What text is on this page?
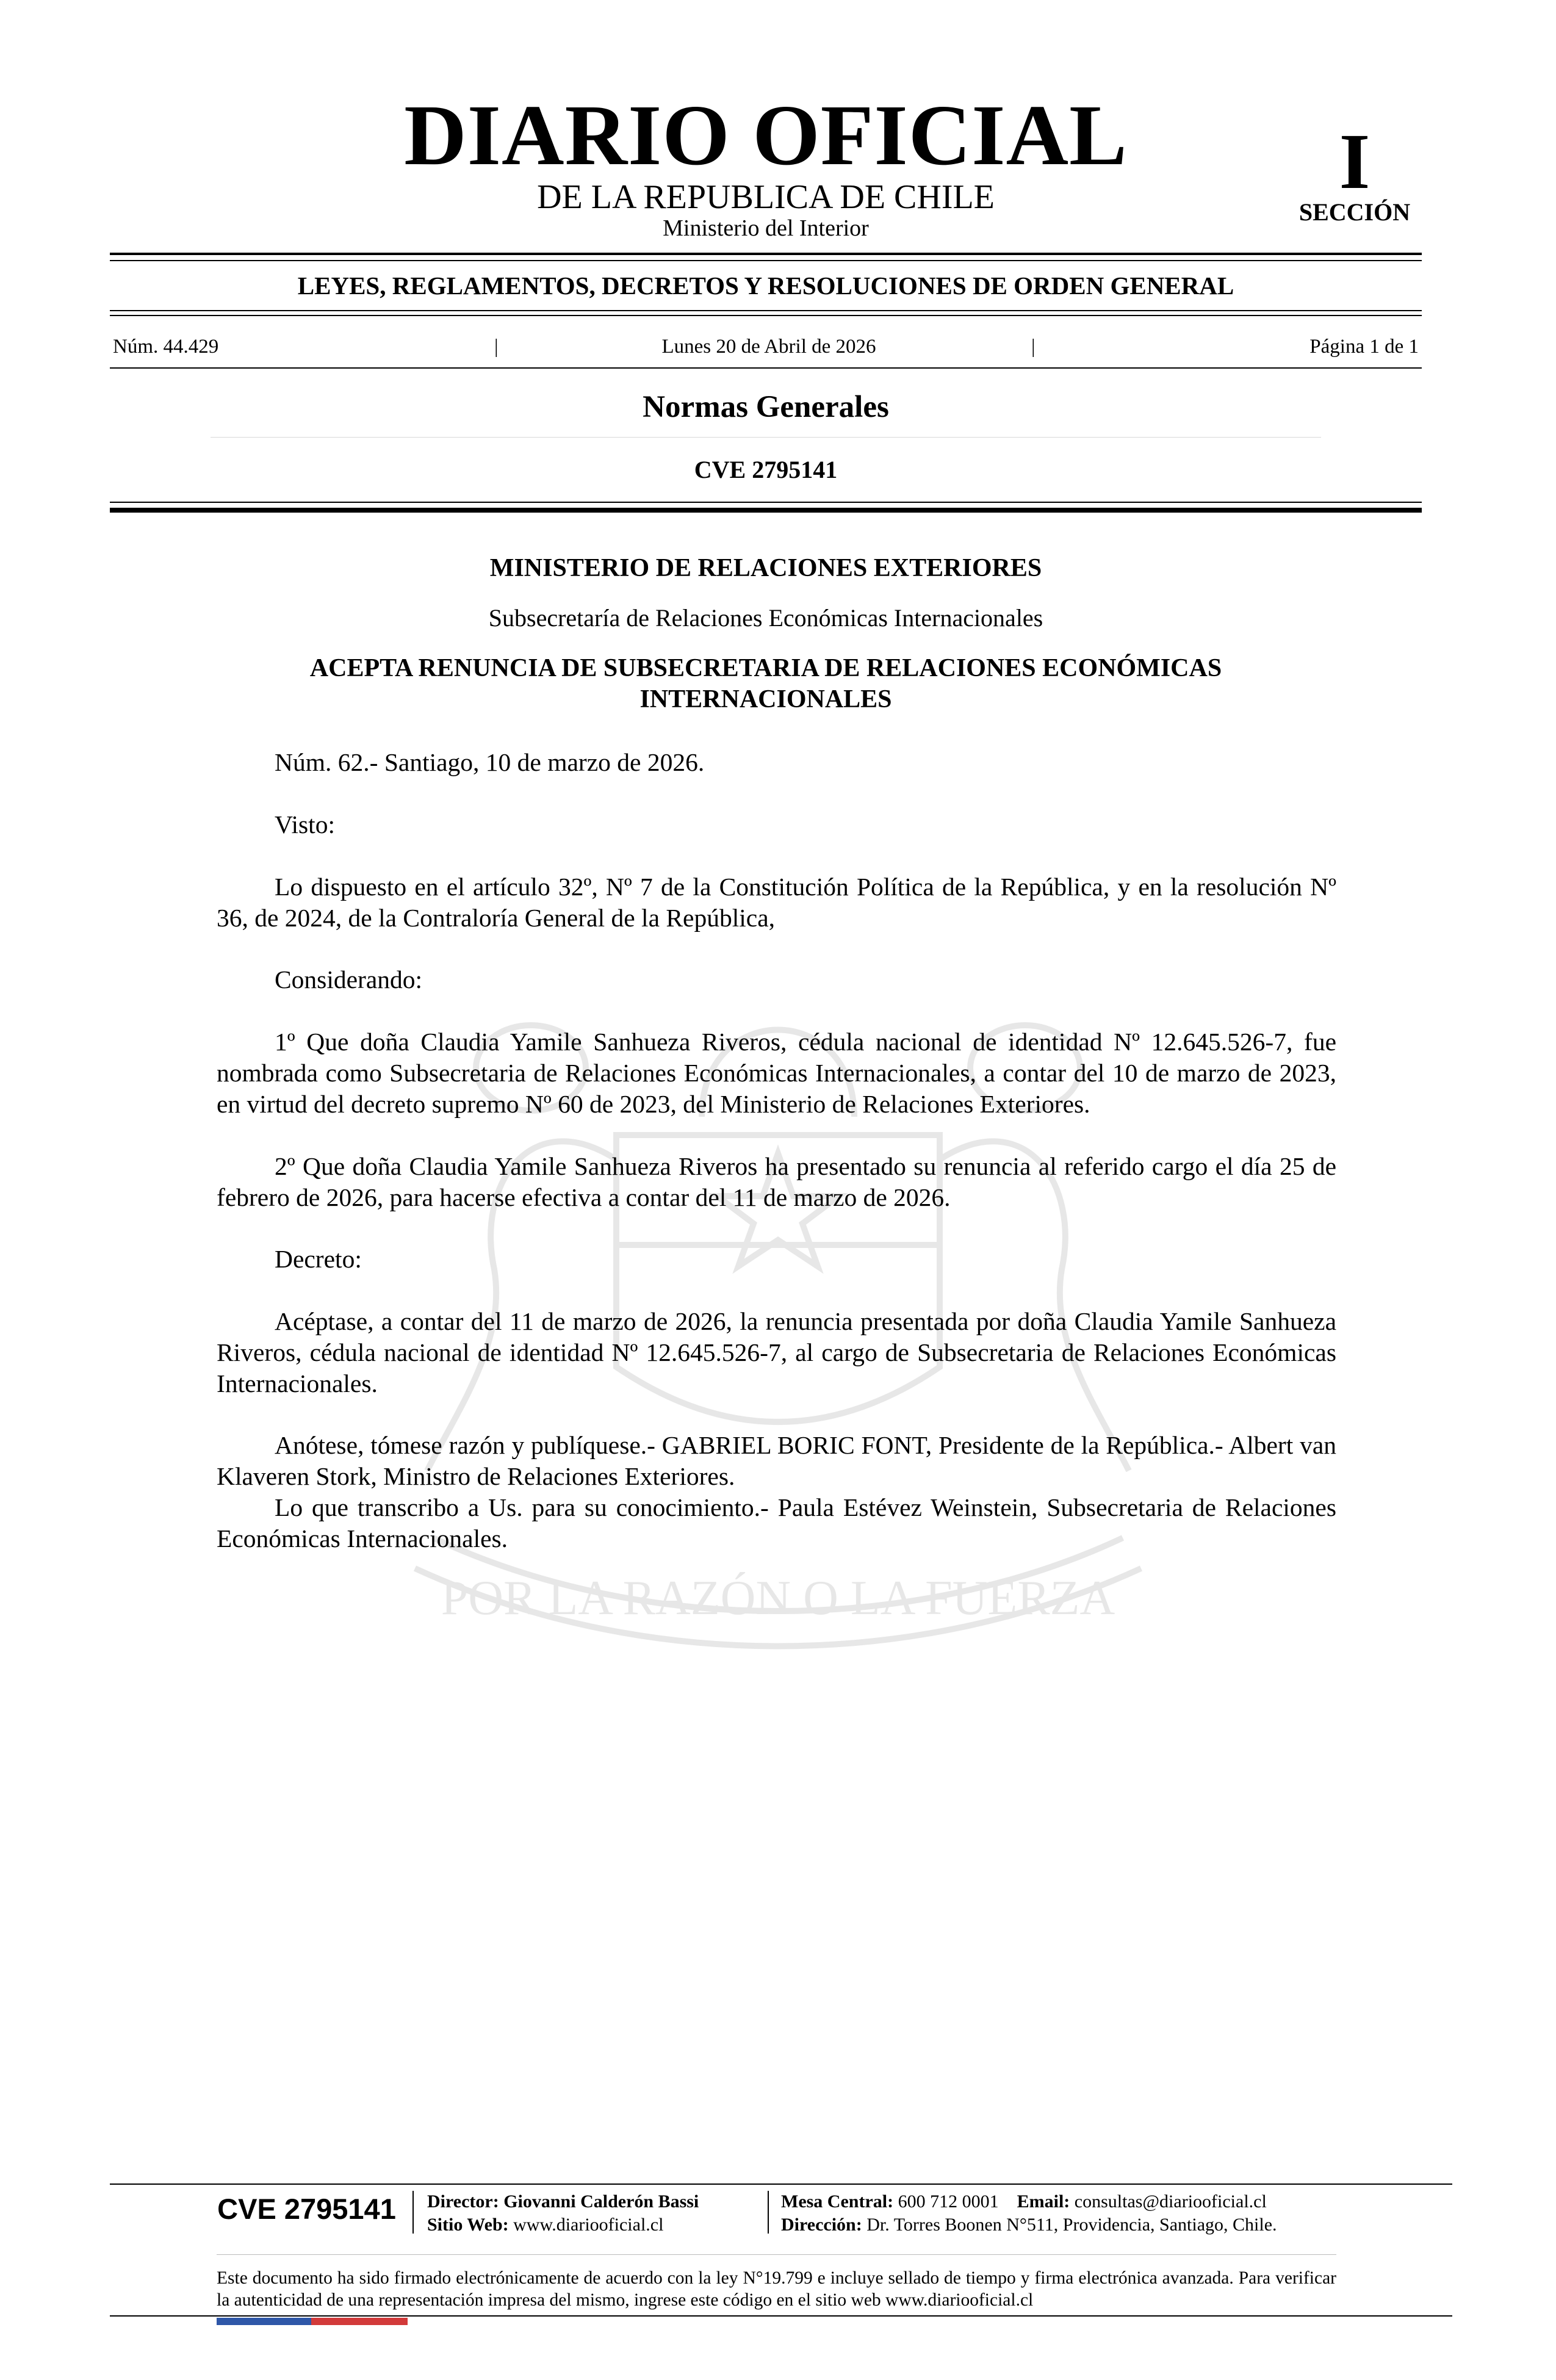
DIARIO OFICIAL
DE LA REPUBLICA DE CHILE
Ministerio del Interior
I
SECCIÓN
LEYES, REGLAMENTOS, DECRETOS Y RESOLUCIONES DE ORDEN GENERAL
Núm. 44.429	|	Lunes 20 de Abril de 2026	|	Página 1 de 1
Normas Generales
CVE 2795141
POR LA RAZÓN O LA FUERZA
MINISTERIO DE RELACIONES EXTERIORES
Subsecretaría de Relaciones Económicas Internacionales
ACEPTA RENUNCIA DE SUBSECRETARIA DE RELACIONES ECONÓMICAS INTERNACIONALES
Núm. 62.- Santiago, 10 de marzo de 2026.
Visto:
Lo dispuesto en el artículo 32º, Nº 7 de la Constitución Política de la República, y en la resolución Nº 36, de 2024, de la Contraloría General de la República,
Considerando:
1º Que doña Claudia Yamile Sanhueza Riveros, cédula nacional de identidad Nº 12.645.526-7, fue nombrada como Subsecretaria de Relaciones Económicas Internacionales, a contar del 10 de marzo de 2023, en virtud del decreto supremo Nº 60 de 2023, del Ministerio de Relaciones Exteriores.
2º Que doña Claudia Yamile Sanhueza Riveros ha presentado su renuncia al referido cargo el día 25 de febrero de 2026, para hacerse efectiva a contar del 11 de marzo de 2026.
Decreto:
Acéptase, a contar del 11 de marzo de 2026, la renuncia presentada por doña Claudia Yamile Sanhueza Riveros, cédula nacional de identidad Nº 12.645.526-7, al cargo de Subsecretaria de Relaciones Económicas Internacionales.
Anótese, tómese razón y publíquese.- GABRIEL BORIC FONT, Presidente de la República.- Albert van Klaveren Stork, Ministro de Relaciones Exteriores.
Lo que transcribo a Us. para su conocimiento.- Paula Estévez Weinstein, Subsecretaria de Relaciones Económicas Internacionales.
CVE 2795141	Director: Giovanni Calderón Bassi
Sitio Web: www.diariooficial.cl
Mesa Central: 600 712 0001 Email: consultas@diariooficial.cl
Dirección: Dr. Torres Boonen N°511, Providencia, Santiago, Chile.
Este documento ha sido firmado electrónicamente de acuerdo con la ley N°19.799 e incluye sellado de tiempo y firma electrónica avanzada. Para verificar la autenticidad de una representación impresa del mismo, ingrese este código en el sitio web www.diariooficial.cl
